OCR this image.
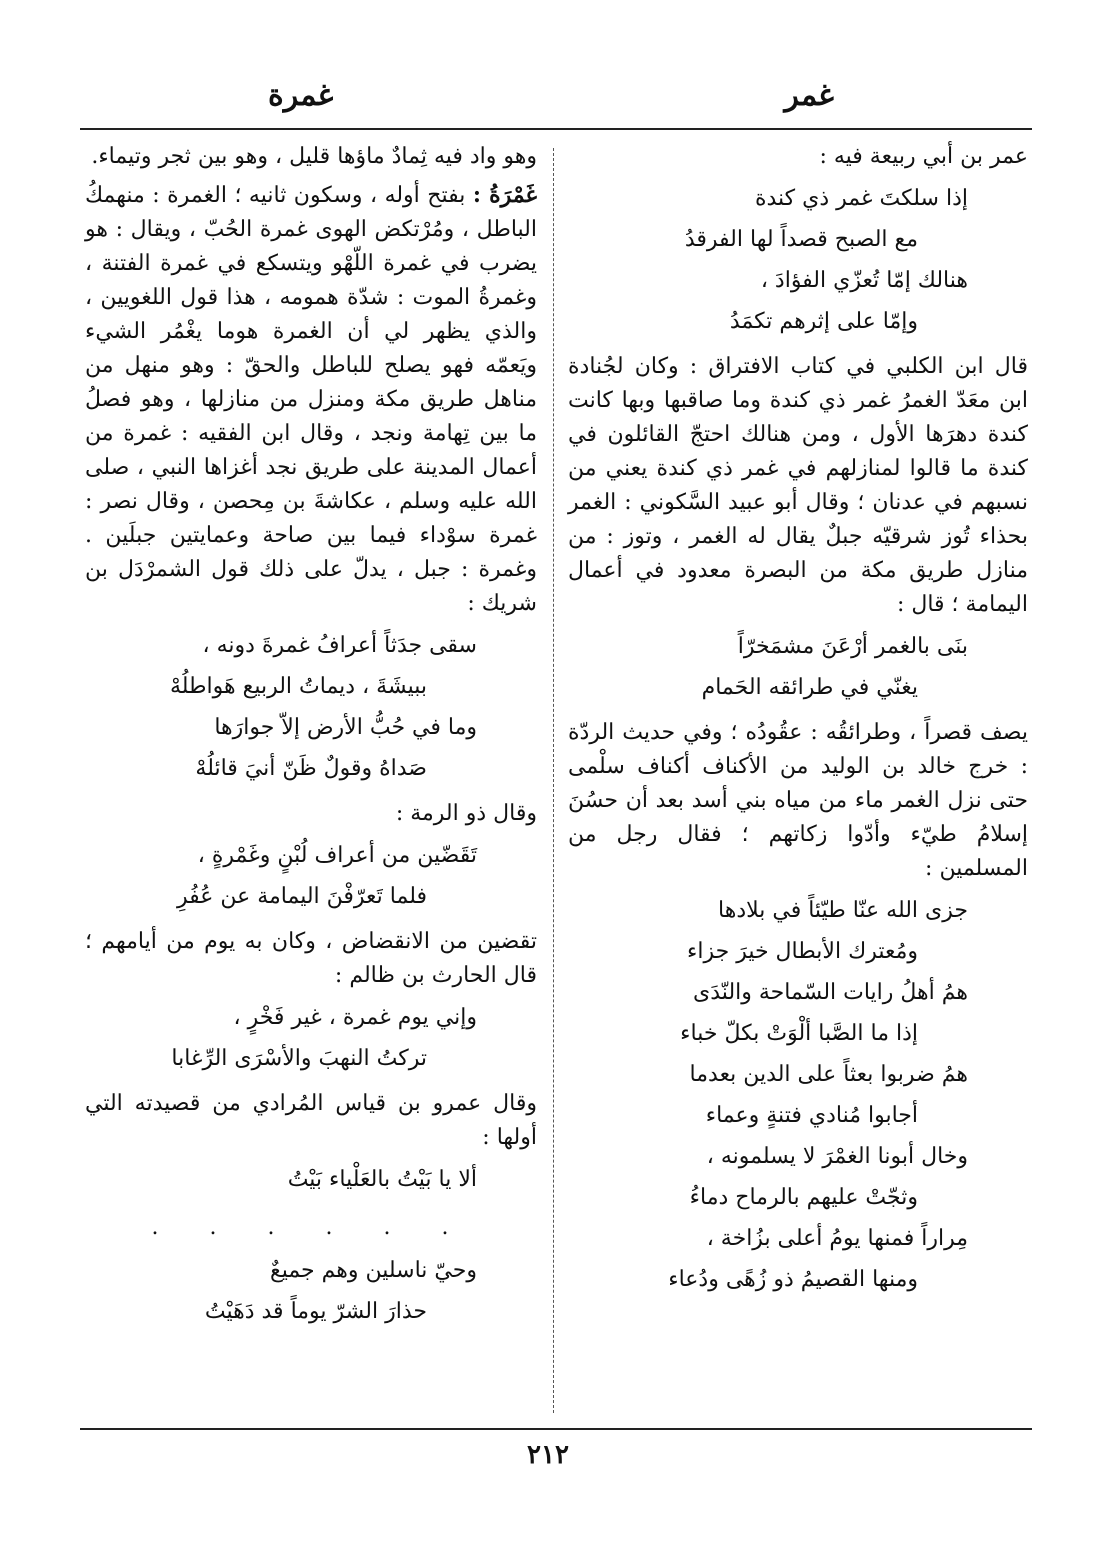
غمر
غمرة
عمر بن أبي ربيعة فيه :
إذا سلكتَ غمر ذي كندة
مع الصبح قصداً لها الفرقدُ
هنالك إمّا تُعزّي الفؤادَ ،
وإمّا على إثرهم تكمَدُ
قال ابن الكلبي في كتاب الافتراق : وكان لجُنادة ابن معَدّ الغمرُ غمر ذي كندة وما صاقبها وبها كانت كندة دهرَها الأول ، ومن هنالك احتجّ القائلون في كندة ما قالوا لمنازلهم في غمر ذي كندة يعني من نسبهم في عدنان ؛ وقال أبو عبيد السَّكوني : الغمر بحذاء تُوز شرقيّه جبلٌ يقال له الغمر ، وتوز : من منازل طريق مكة من البصرة معدود في أعمال اليمامة ؛ قال :
بنَى بالغمر أرْعَنَ مشمَخرّاً
يغنّي في طرائقه الحَمام
يصف قصراً ، وطرائقُه : عقُودُه ؛ وفي حديث الردّة : خرج خالد بن الوليد من الأكناف أكناف سلْمى حتى نزل الغمر ماء من مياه بني أسد بعد أن حسُنَ إسلامُ طيّء وأدّوا زكاتهم ؛ فقال رجل من المسلمين :
جزى الله عنّا طيّئاً في بلادها
ومُعترك الأبطال خيرَ جزاء
همُ أهلُ رايات السّماحة والنّدَى
إذا ما الصَّبا ألْوَتْ بكلّ خباء
همُ ضربوا بعثاً على الدين بعدما
أجابوا مُنادي فتنةٍ وعماء
وخال أبونا الغمْرَ لا يسلمونه ،
وثجّتْ عليهم بالرماح دماءُ
مِراراً فمنها يومُ أعلى بزُاخة ،
ومنها القصيمُ ذو زُهًى ودُعاء
وهو واد فيه ثِمادٌ ماؤها قليل ، وهو بين ثجر وتيماء.
غَمْرَةُ : بفتح أوله ، وسكون ثانيه ؛ الغمرة : منهمكُ الباطل ، ومُرْتكض الهوى غمرة الحُبّ ، ويقال : هو يضرب في غمرة اللّهْو ويتسكع في غمرة الفتنة ، وغمرةُ الموت : شدّة همومه ، هذا قول اللغويين ، والذي يظهر لي أن الغمرة هوما يغْمُر الشيء ويَعمّه فهو يصلح للباطل والحقّ : وهو منهل من مناهل طريق مكة ومنزل من منازلها ، وهو فصلُ ما بين تِهامة ونجد ، وقال ابن الفقيه : غمرة من أعمال المدينة على طريق نجد أغزاها النبي ، صلى الله عليه وسلم ، عكاشةَ بن مِحصن ، وقال نصر : غمرة سوْداء فيما بين صاحة وعمايتين جبلَين . وغمرة : جبل ، يدلّ على ذلك قول الشمرْدَل بن شريك :
سقى جدَثاً أعرافُ غمرةَ دونه ،
ببيشَةَ ، ديماتُ الربيع هَواطلُهْ
وما في حُبُّ الأرض إلاّ جوارَها
صَداهُ وقولٌ ظَنّ أنيَ قائلُهْ
وقال ذو الرمة :
تَقَضّين من أعراف لُبْنٍ وغَمْرةٍ ،
فلما تَعرّفْنَ اليمامة عن عُفُرِ
تقضين من الانقضاض ، وكان به يوم من أيامهم ؛ قال الحارث بن ظالم :
وإني يوم غمرة ، غير فَخْرٍ ،
تركتُ النهبَ والأسْرَى الرِّغابا
وقال عمرو بن قياس المُرادي من قصيدته التي أولها :
ألا يا بَيْتُ بالعَلْياء بَيْتُ
. . . . . .
وحيّ ناسلين وهم جميعٌ
حذارَ الشرّ يوماً قد دَهَيْتُ
٢١٢
